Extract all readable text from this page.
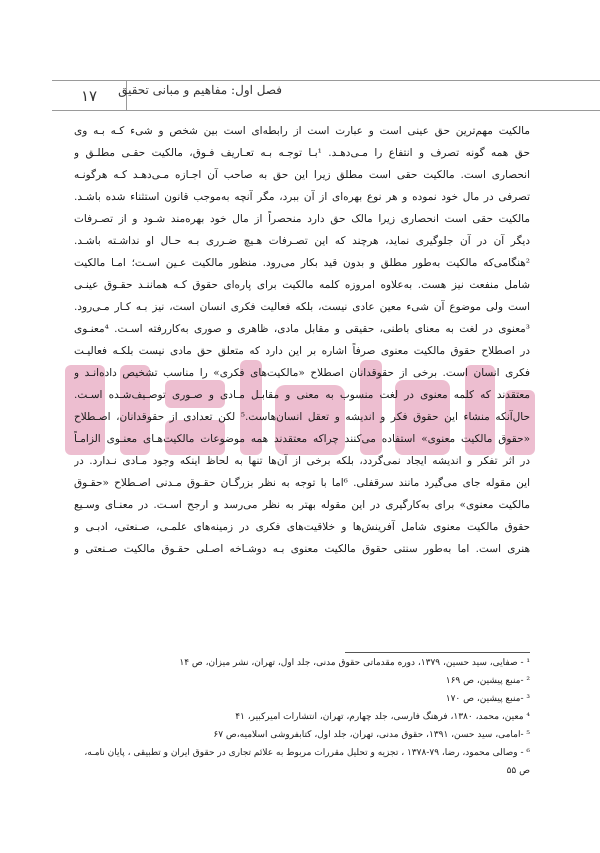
۱۷	فصل اول: مفاهیم و مبانی تحقیق
مالکیت مهم‌ترین حق عینی است و عبارت است از رابطه‌ای است بین شخص و شیء کـه بـه وی
حق همه گونه تصرف و انتفاع را مـی‌دهـد. ¹بـا توجـه بـه تعـاریف فـوق، مالکیت حقـی مطلـق و
انحصاری است. مالکیت حقی است مطلق زیرا این حق به صاحب آن اجـازه مـی‌دهـد کـه هرگونـه
تصرفی در مال خود نموده و هر نوع بهره‌ای از آن ببرد، مگر آنچه به‌موجب قانون استثناء شده باشـد.
مالکیت حقی است انحصاری زیرا مالک حق دارد منحصراً از مال خود بهره‌مند شـود و از تصـرفات
دیگر آن در آن جلوگیری نماید، هرچند که این تصـرفات هـیچ ضـرری بـه حـال او نداشـته باشـد.
²هنگامی‌که مالکیت به‌طور مطلق و بدون قید بکار می‌رود. منظور مالکیت عـین اسـت؛ امـا مالکیت
شامل منفعت نیز هست. به‌علاوه امروزه کلمه مالکیت برای پاره‌ای حقوق کـه هماننـد حقـوق عینـی
است ولی موضوع آن شیء معین عادی نیست، بلکه فعالیت فکری انسان است، نیز بـه کـار مـی‌رود.
³معنوی در لغت به معنای باطنی، حقیقی و مقابل مادی، ظاهری و صوری به‌کاررفته اسـت. ⁴معنـوی
در اصطلاح حقوق مالکیت معنوی صرفاً اشاره بر این دارد که متعلق حق مادی نیست بلکـه فعالیـت
فکری انسان است. برخی از حقوقدانان اصطلاح «مالکیت‌های فکری» را مناسب تشخیص داده‌انـد و
معتقدند که کلمه معنوی در لغت منسوب به معنی و مقابـل مـادی و صـوری توصـیف‌شـده اسـت.
حال‌آنکه منشاء این حقوق فکر و اندیشه و تعقل انسان‌هاست.⁵ لکن تعدادی از حقوقدانان، اصـطلاح
«حقوق مالکیت معنوی» استفاده می‌کنند چراکه معتقدند همه موضوعات مالکیت‌هـای معنـوی الزامـاً
در اثر تفکر و اندیشه ایجاد نمی‌گردد، بلکه برخی از آن‌ها تنها به لحاظ اینکه وجود مـادی نـدارد. در
این مقوله جای می‌گیرد مانند سرقفلی. ⁶اما با توجه به نظر بزرگـان حقـوق مـدنی اصـطلاح «حقـوق
مالکیت معنوی» برای به‌کارگیری در این مقوله بهتر به نظر می‌رسد و ارجح اسـت. در معنـای وسـیع
حقوق مالکیت معنوی شامل آفرینش‌ها و خلاقیت‌های فکری در زمینه‌های علمـی، صـنعتی، ادبـی و
هنری است. اما به‌طور سنتی حقوق مالکیت معنوی بـه دوشـاخه اصـلی حقـوق مالکیت صـنعتی و
¹ - صفایی، سید حسین، ۱۳۷۹، دوره مقدماتی حقوق مدنی، جلد اول، تهران، نشر میزان، ص ۱۴
² -منبع پیشین، ص ۱۶۹
³ -منبع پیشین، ص ۱۷۰
⁴ معین، محمد، ۱۳۸۰، فرهنگ فارسی، جلد چهارم، تهران، انتشارات امیرکبیر، ۴۱
⁵ -امامی، سید حسن، ۱۳۹۱، حقوق مدنی، تهران، جلد اول، کتابفروشی اسلامیه،ص ۶۷
⁶ - وصالی محمود، رضا، ۷۹-۱۳۷۸ ، تجزیه و تحلیل مقررات مربوط به علائم تجاری در حقوق ایران و تطبیقی ، پایان نامـه،
ص ۵۵
